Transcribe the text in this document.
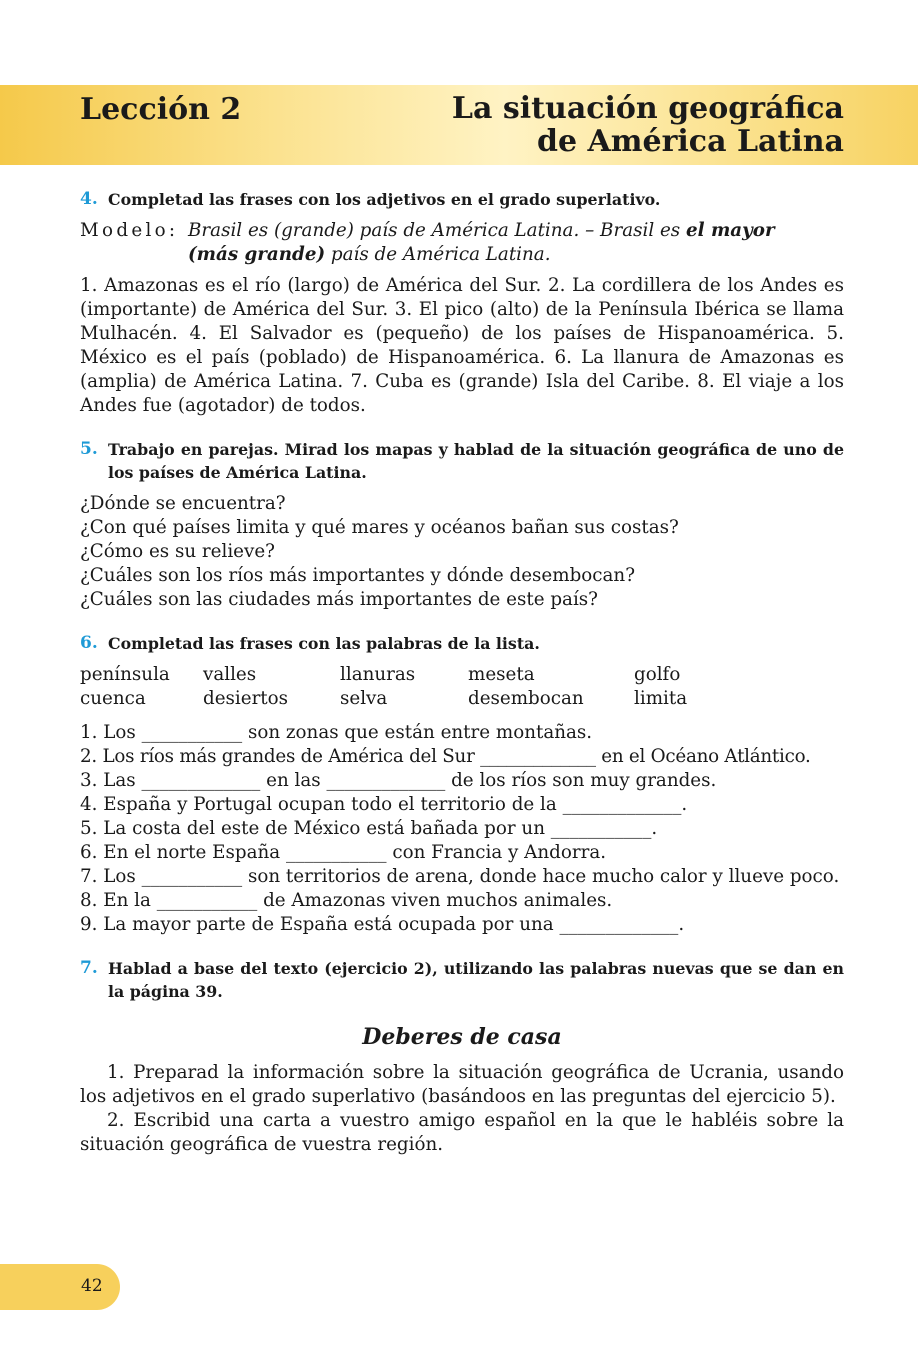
Lección 2	La situación geográfica
de América Latina
4. Completad las frases con los adjetivos en el grado superlativo.
Modelo: Brasil es (grande) país de América Latina. – Brasil es el mayor
(más grande) país de América Latina.

1. Amazonas es el río (largo) de América del Sur. 2. La cordillera de los Andes es (importante) de América del Sur. 3. El pico (alto) de la Península Ibérica se llama Mulhacén. 4. El Salvador es (pequeño) de los países de Hispanoamérica. 5. México es el país (poblado) de Hispanoamérica. 6. La llanura de Amazonas es (amplia) de América Latina. 7. Cuba es (grande) Isla del Caribe. 8. El viaje a los Andes fue (agotador) de todos.

5. Trabajo en parejas. Mirad los mapas y hablad de la situación geográfica de uno de los países de América Latina.
¿Dónde se encuentra?
¿Con qué países limita y qué mares y océanos bañan sus costas?
¿Cómo es su relieve?
¿Cuáles son los ríos más importantes y dónde desembocan?
¿Cuáles son las ciudades más importantes de este país?
6. Completad las frases con las palabras de la lista.
península	valles	llanuras	meseta	golfo
cuenca	desiertos	selva	desembocan	limita
1. Los ___________ son zonas que están entre montañas.
2. Los ríos más grandes de América del Sur _____________ en el Océano Atlántico.
3. Las _____________ en las _____________ de los ríos son muy grandes.
4. España y Portugal ocupan todo el territorio de la _____________.
5. La costa del este de México está bañada por un ___________.
6. En el norte España ___________ con Francia y Andorra.
7. Los ___________ son territorios de arena, donde hace mucho calor y llueve poco.
8. En la ___________ de Amazonas viven muchos animales.
9. La mayor parte de España está ocupada por una _____________.
7. Hablad a base del texto (ejercicio 2), utilizando las palabras nuevas que se dan en la página 39.
Deberes de casa
1. Preparad la información sobre la situación geográfica de Ucrania, usando los adjetivos en el grado superlativo (basándoos en las preguntas del ejercicio 5).
2. Escribid una carta a vuestro amigo español en la que le habléis sobre la situación geográfica de vuestra región.
42
